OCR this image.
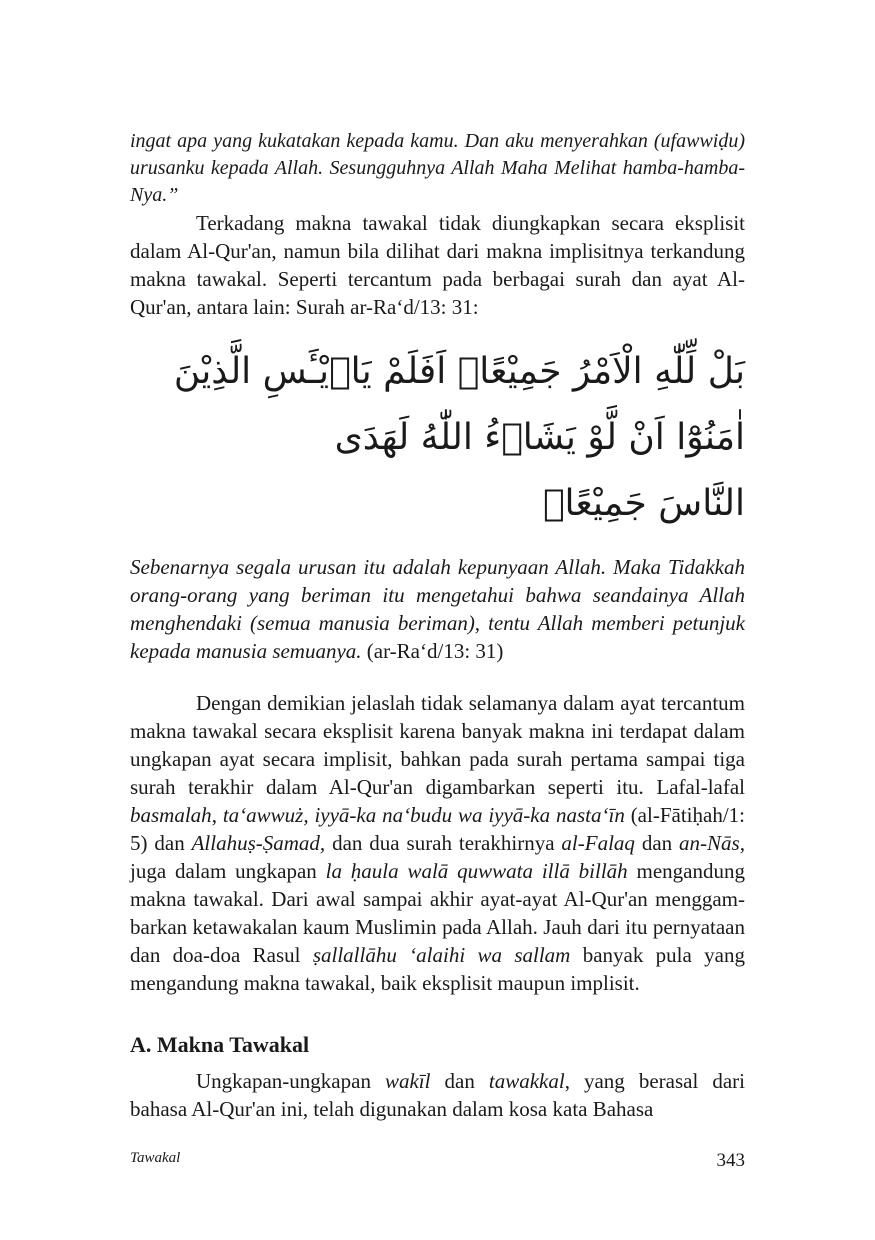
ingat apa yang kukatakan kepada kamu. Dan aku menyerahkan (ufawwiḍu) urusanku kepada Allah. Sesungguhnya Allah Maha Melihat hamba-hamba-Nya.”

Terkadang makna tawakal tidak diungkapkan secara eksplisit dalam Al-Qur'an, namun bila dilihat dari makna implisitnya terkandung makna tawakal. Seperti tercantum pada berbagai surah dan ayat Al-Qur'an, antara lain: Surah ar-Ra‘d/13: 31:

بَلْ لِّلّٰهِ الْاَمْرُ جَمِيْعًاۗ اَفَلَمْ يَاۡيْـَٔسِ الَّذِيْنَ اٰمَنُوْٓا اَنْ لَّوْ يَشَاۤءُ اللّٰهُ لَهَدَى
النَّاسَ جَمِيْعًاۗ

Sebenarnya segala urusan itu adalah kepunyaan Allah. Maka Tidakkah orang-orang yang beriman itu mengetahui bahwa seandainya Allah menghendaki (semua manusia beriman), tentu Allah memberi petunjuk kepada manusia semuanya. (ar-Ra‘d/13: 31)

Dengan demikian jelaslah tidak selamanya dalam ayat tercantum makna tawakal secara eksplisit karena banyak makna ini terdapat dalam ungkapan ayat secara implisit, bahkan pada surah pertama sampai tiga surah terakhir dalam Al-Qur'an digambarkan seperti itu. Lafal-lafal basmalah, ta‘awwuż, iyyā-ka na‘budu wa iyyā-ka nasta‘īn (al-Fātiḥah/1: 5) dan Allahuṣ-Ṣamad, dan dua surah terakhirnya al-Falaq dan an-Nās, juga dalam ungkapan la ḥaula walā quwwata illā billāh mengandung makna tawakal. Dari awal sampai akhir ayat-ayat Al-Qur'an menggam-barkan ketawakalan kaum Muslimin pada Allah. Jauh dari itu pernyataan dan doa-doa Rasul ṣallallāhu ‘alaihi wa sallam banyak pula yang mengandung makna tawakal, baik eksplisit maupun implisit.

A. Makna Tawakal

Ungkapan-ungkapan wakīl dan tawakkal, yang berasal dari bahasa Al-Qur'an ini, telah digunakan dalam kosa kata Bahasa

Tawakal	343
